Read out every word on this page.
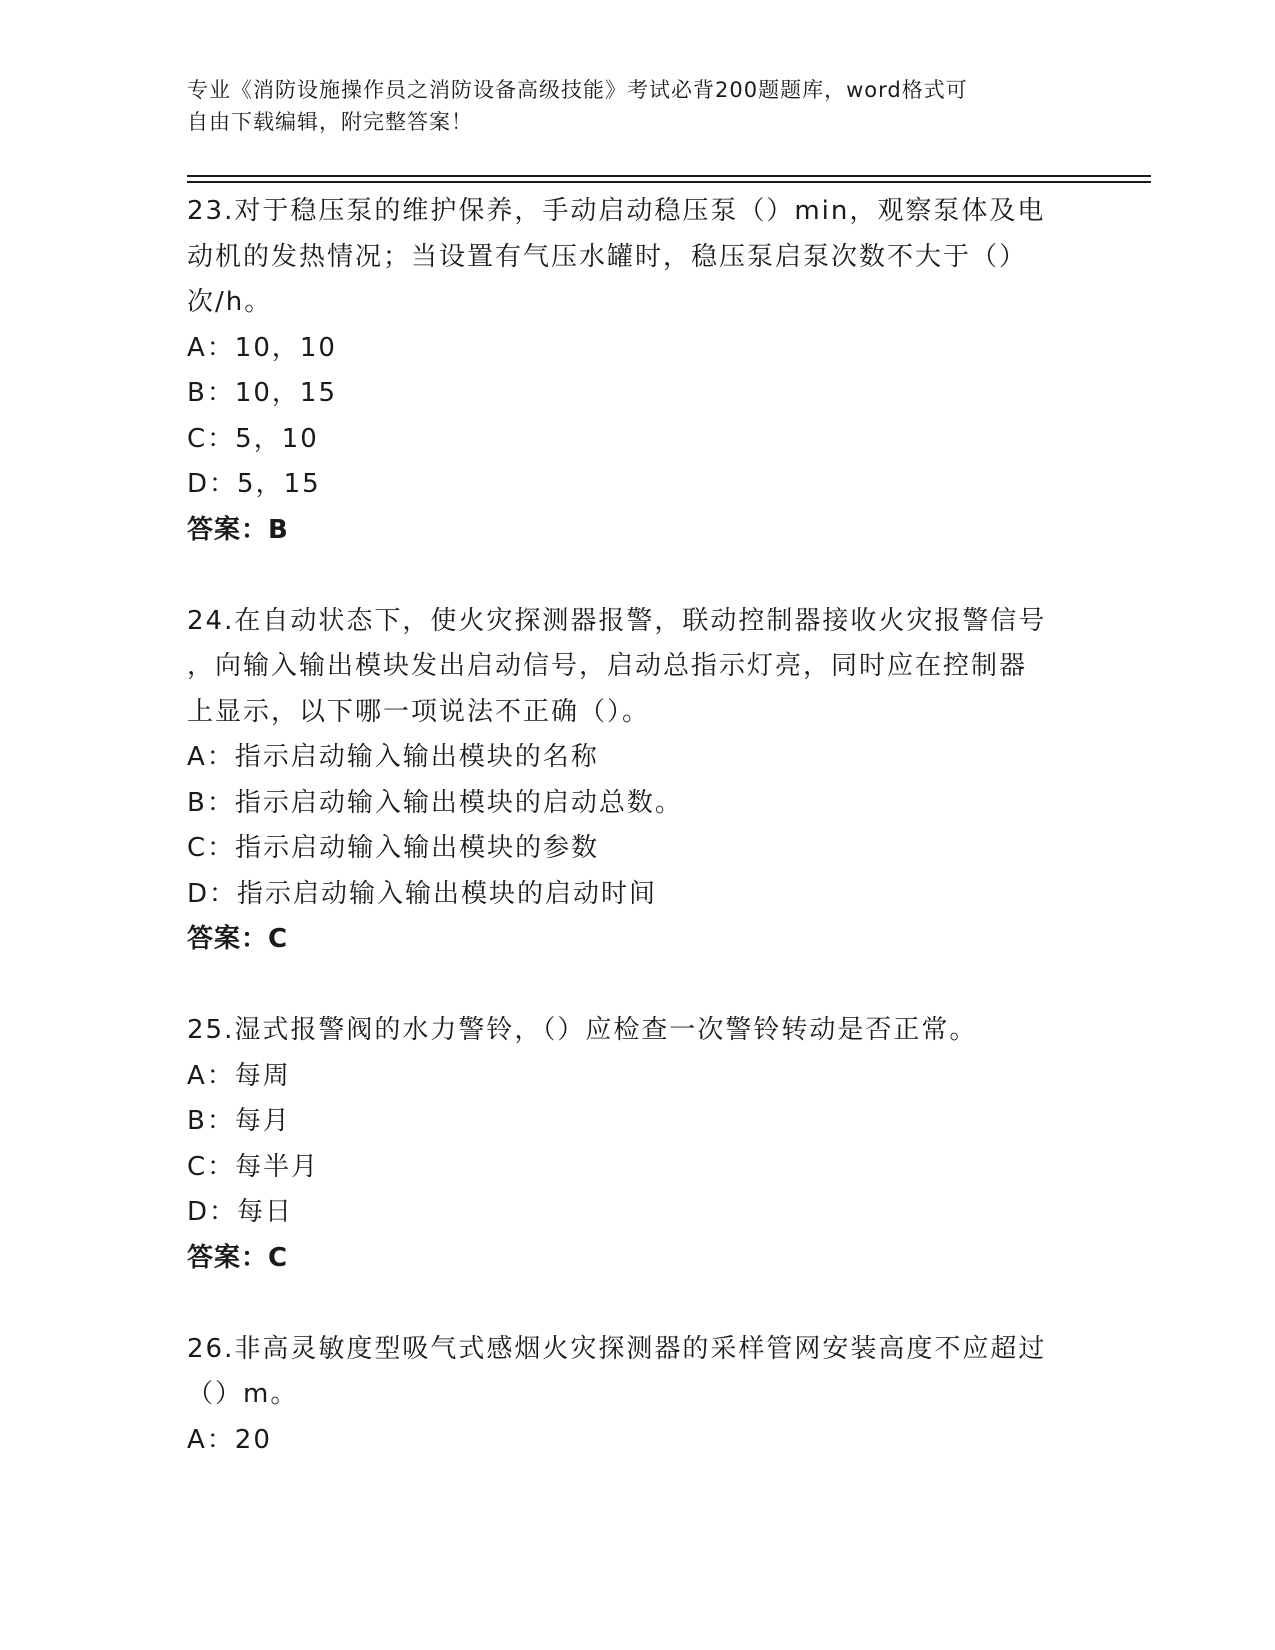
专业《消防设施操作员之消防设备高级技能》考试必背200题题库，word格式可
自由下载编辑，附完整答案！
23.对于稳压泵的维护保养，手动启动稳压泵（）min，观察泵体及电
动机的发热情况；当设置有气压水罐时，稳压泵启泵次数不大于（）
次/h。
A：10，10
B：10，15
C：5，10
D：5，15
答案：B
24.在自动状态下，使火灾探测器报警，联动控制器接收火灾报警信号
，向输入输出模块发出启动信号，启动总指示灯亮，同时应在控制器
上显示，以下哪一项说法不正确（）。
A：指示启动输入输出模块的名称
B：指示启动输入输出模块的启动总数。
C：指示启动输入输出模块的参数
D：指示启动输入输出模块的启动时间
答案：C
25.湿式报警阀的水力警铃，（）应检查一次警铃转动是否正常。
A：每周
B：每月
C：每半月
D：每日
答案：C
26.非高灵敏度型吸气式感烟火灾探测器的采样管网安装高度不应超过
（）m。
A：20
